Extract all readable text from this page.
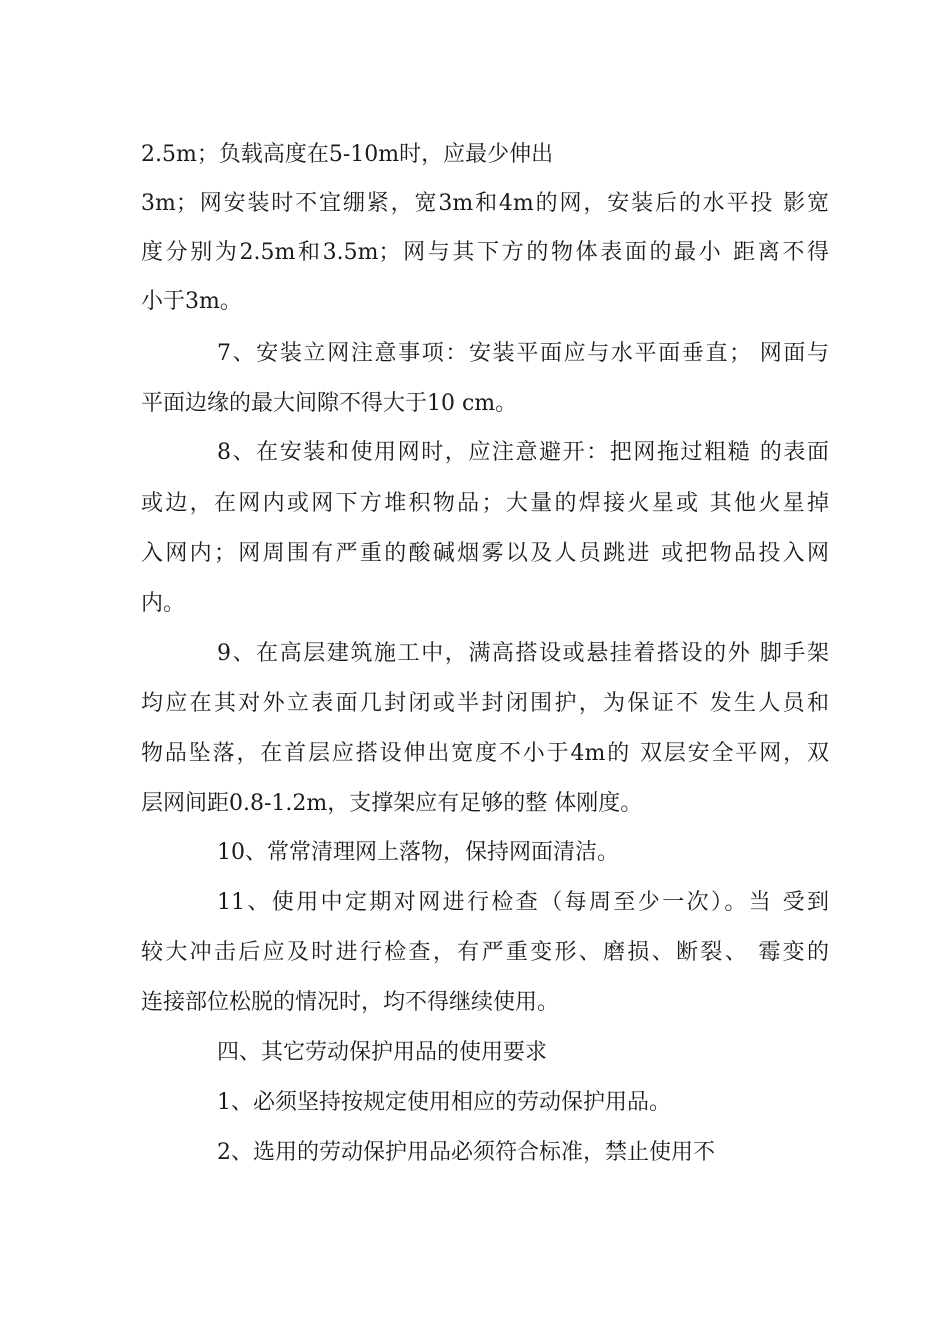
2.5m；负载高度在5-10m时，应最少伸出
3m；网安装时不宜绷紧，宽3m和4m的网，安装后的水平投 影宽
度分别为2.5m和3.5m；网与其下方的物体表面的最小 距离不得
小于3m。
7、安装立网注意事项：安装平面应与水平面垂直； 网面与
平面边缘的最大间隙不得大于10 cm。
8、在安装和使用网时，应注意避开：把网拖过粗糙 的表面
或边，在网内或网下方堆积物品；大量的焊接火星或 其他火星掉
入网内；网周围有严重的酸碱烟雾以及人员跳进 或把物品投入网
内。
9、在高层建筑施工中，满高搭设或悬挂着搭设的外 脚手架
均应在其对外立表面几封闭或半封闭围护，为保证不 发生人员和
物品坠落，在首层应搭设伸出宽度不小于4m的 双层安全平网，双
层网间距0.8-1.2m，支撑架应有足够的整 体刚度。
10、常常清理网上落物，保持网面清洁。
11、使用中定期对网进行检查（每周至少一次）。当 受到
较大冲击后应及时进行检查，有严重变形、磨损、断裂、 霉变的
连接部位松脱的情况时，均不得继续使用。
四、其它劳动保护用品的使用要求
1、必须坚持按规定使用相应的劳动保护用品。
2、选用的劳动保护用品必须符合标准，禁止使用不
